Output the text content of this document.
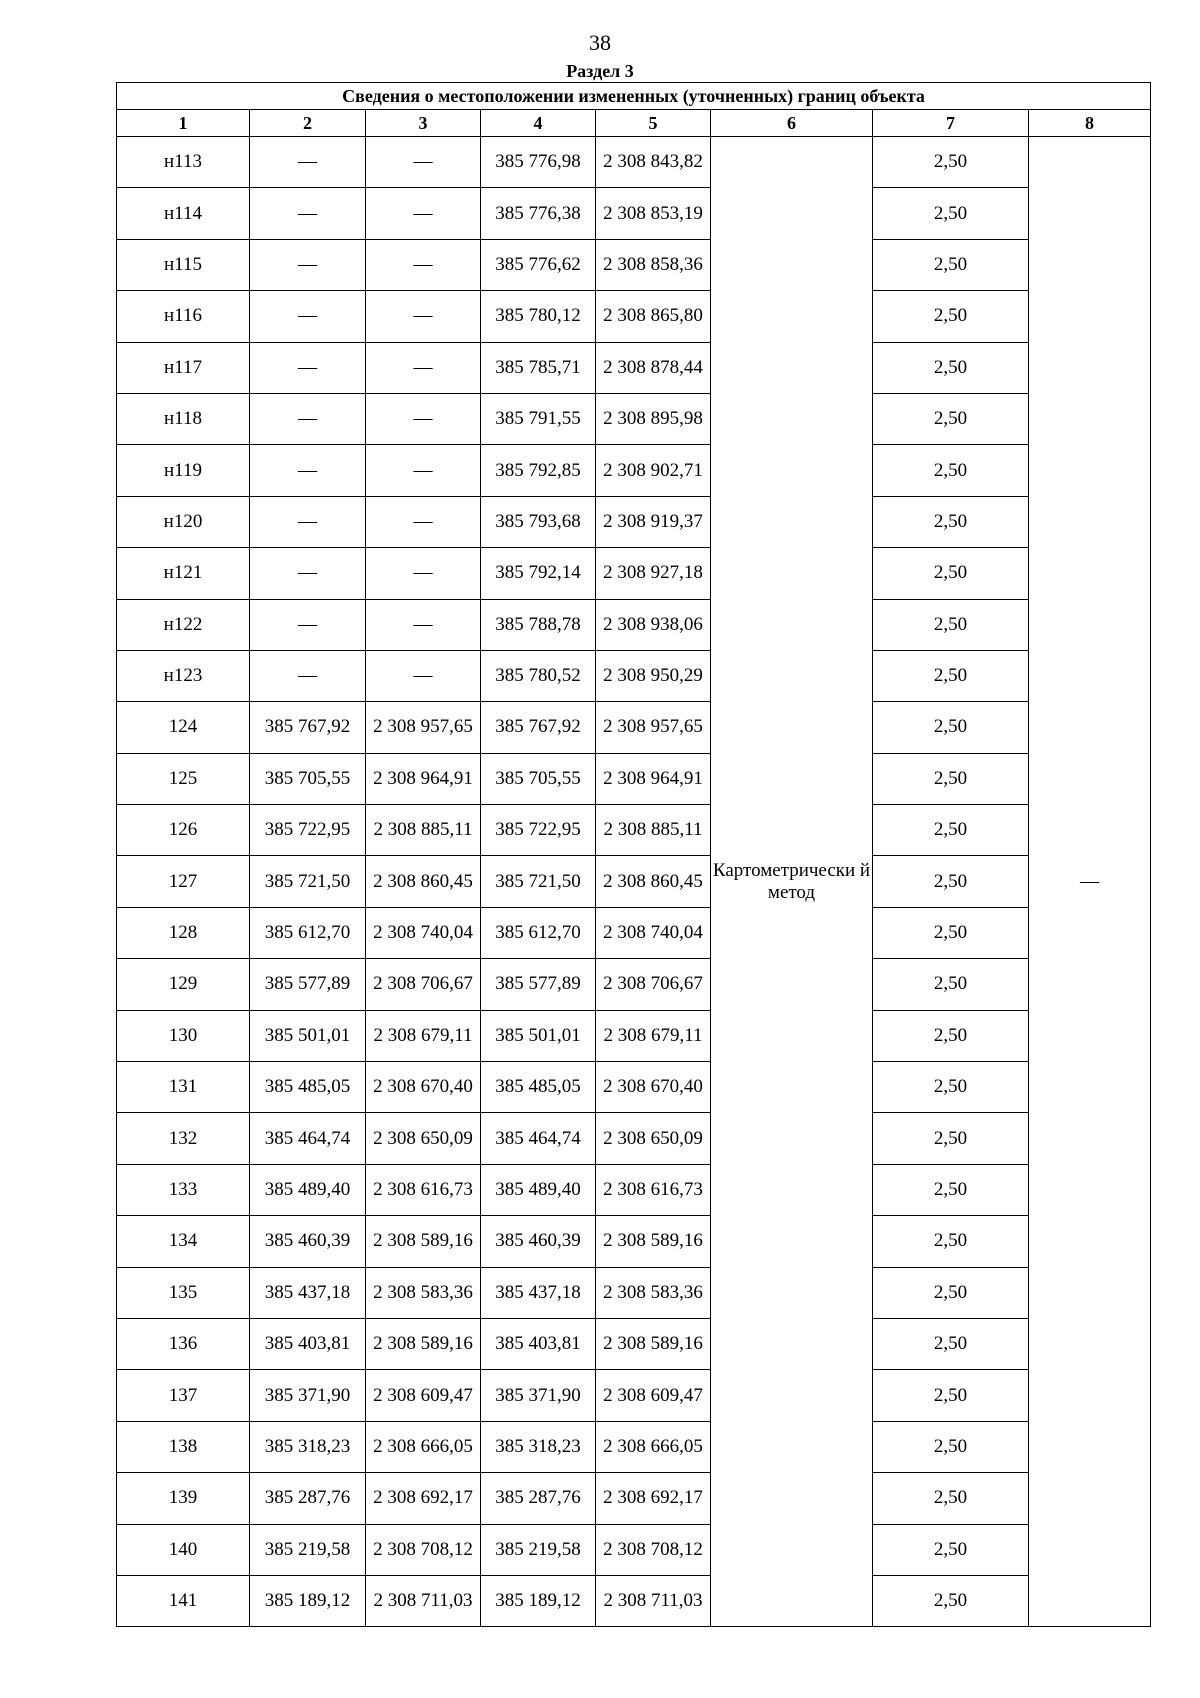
38
Раздел 3
Сведения о местоположении измененных (уточненных) границ объекта							
1	2	3	4	5	6	7	8
н113	—	—	385 776,98	2 308 843,82	Картометрически й метод	2,50	—
н114	—	—	385 776,38	2 308 853,19		2,50	
н115	—	—	385 776,62	2 308 858,36		2,50	
н116	—	—	385 780,12	2 308 865,80		2,50	
н117	—	—	385 785,71	2 308 878,44		2,50	
н118	—	—	385 791,55	2 308 895,98		2,50	
н119	—	—	385 792,85	2 308 902,71		2,50	
н120	—	—	385 793,68	2 308 919,37		2,50	
н121	—	—	385 792,14	2 308 927,18		2,50	
н122	—	—	385 788,78	2 308 938,06		2,50	
н123	—	—	385 780,52	2 308 950,29		2,50	
124	385 767,92	2 308 957,65	385 767,92	2 308 957,65		2,50	
125	385 705,55	2 308 964,91	385 705,55	2 308 964,91		2,50	
126	385 722,95	2 308 885,11	385 722,95	2 308 885,11		2,50	
127	385 721,50	2 308 860,45	385 721,50	2 308 860,45		2,50	
128	385 612,70	2 308 740,04	385 612,70	2 308 740,04		2,50	
129	385 577,89	2 308 706,67	385 577,89	2 308 706,67		2,50	
130	385 501,01	2 308 679,11	385 501,01	2 308 679,11		2,50	
131	385 485,05	2 308 670,40	385 485,05	2 308 670,40		2,50	
132	385 464,74	2 308 650,09	385 464,74	2 308 650,09		2,50	
133	385 489,40	2 308 616,73	385 489,40	2 308 616,73		2,50	
134	385 460,39	2 308 589,16	385 460,39	2 308 589,16		2,50	
135	385 437,18	2 308 583,36	385 437,18	2 308 583,36		2,50	
136	385 403,81	2 308 589,16	385 403,81	2 308 589,16		2,50	
137	385 371,90	2 308 609,47	385 371,90	2 308 609,47		2,50	
138	385 318,23	2 308 666,05	385 318,23	2 308 666,05		2,50	
139	385 287,76	2 308 692,17	385 287,76	2 308 692,17		2,50	
140	385 219,58	2 308 708,12	385 219,58	2 308 708,12		2,50	
141	385 189,12	2 308 711,03	385 189,12	2 308 711,03		2,50	
